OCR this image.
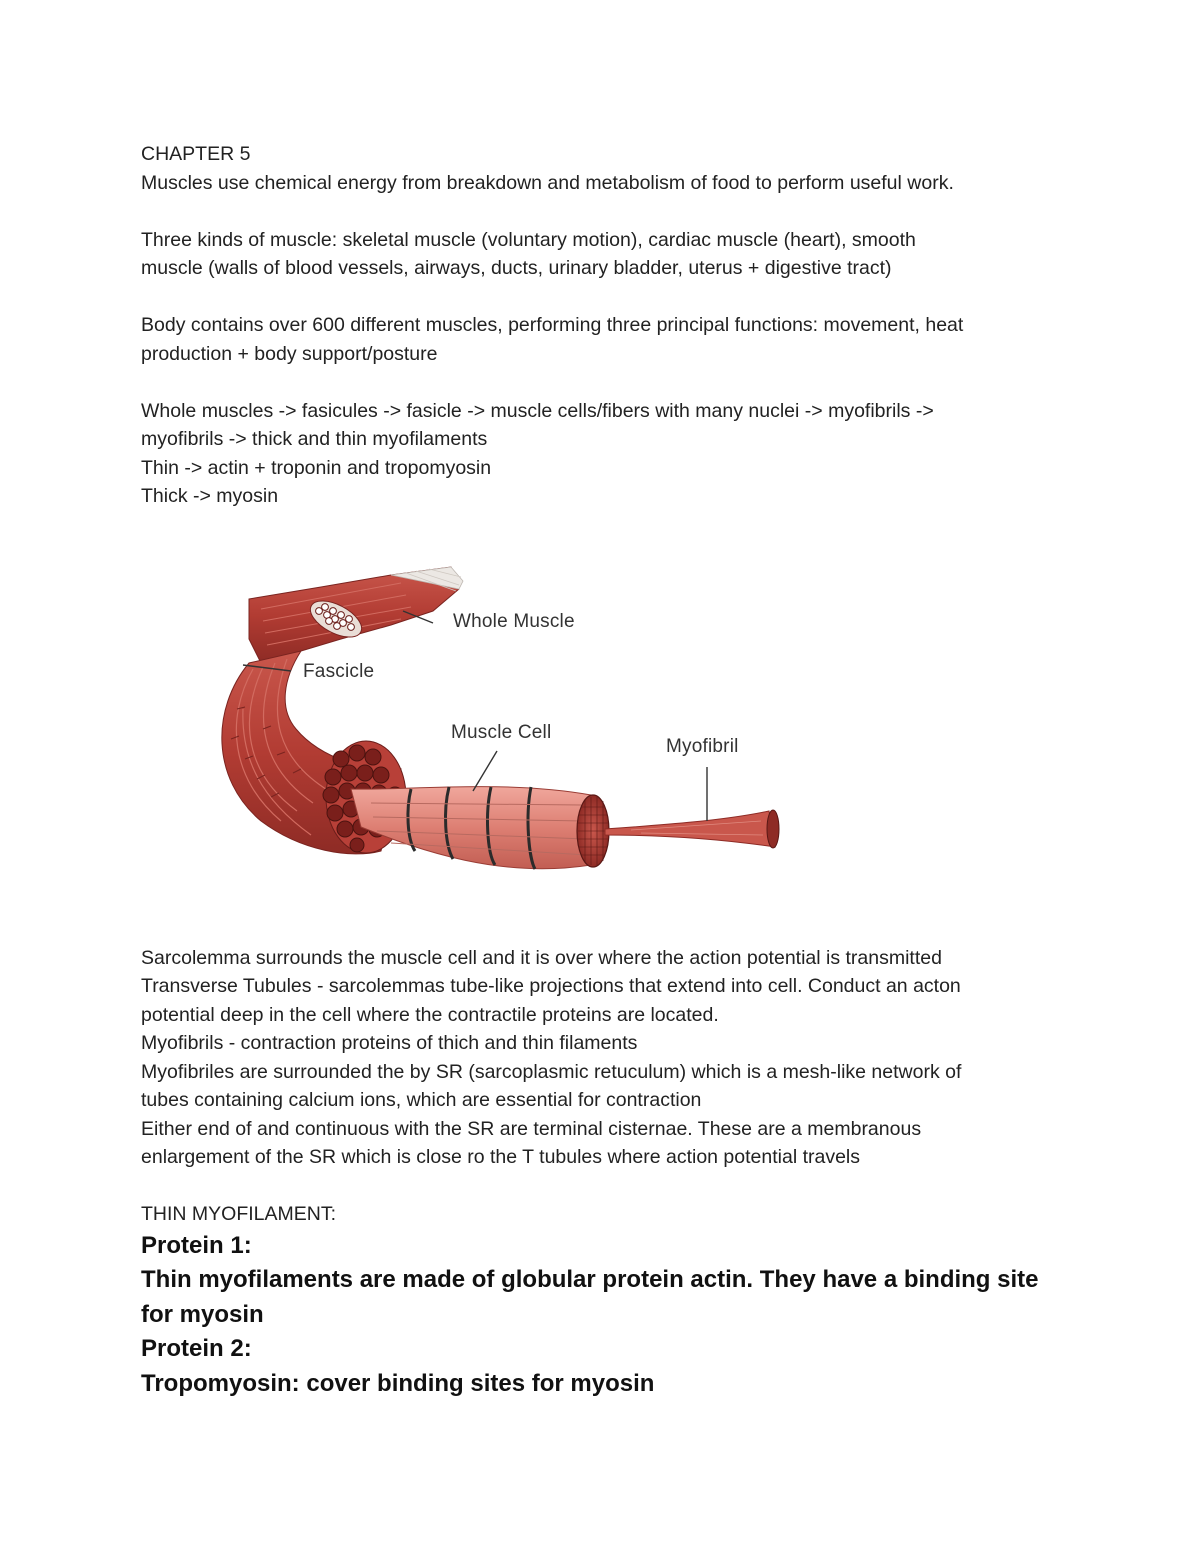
CHAPTER 5
Muscles use chemical energy from breakdown and metabolism of food to perform useful work.
Three kinds of muscle: skeletal muscle (voluntary motion), cardiac muscle (heart), smooth
muscle (walls of blood vessels, airways, ducts, urinary bladder, uterus + digestive tract)
Body contains over 600 different muscles, performing three principal functions: movement, heat
production + body support/posture
Whole muscles -> fasicules -> fasicle -> muscle cells/fibers with many nuclei -> myofibrils ->
myofibrils -> thick and thin myofilaments
Thin -> actin + troponin and tropomyosin
Thick -> myosin
Whole Muscle
Fascicle
Muscle Cell
Myofibril
Sarcolemma surrounds the muscle cell and it is over where the action potential is transmitted
Transverse Tubules - sarcolemmas tube-like projections that extend into cell. Conduct an acton
potential deep in the cell where the contractile proteins are located.
Myofibrils - contraction proteins of thich and thin filaments
Myofibriles are surrounded the by SR (sarcoplasmic retuculum) which is a mesh-like network of
tubes containing calcium ions, which are essential for contraction
Either end of and continuous with the SR are terminal cisternae. These are a membranous
enlargement of the SR which is close ro the T tubules where action potential travels
THIN MYOFILAMENT:
Protein 1:
Thin myofilaments are made of globular protein actin. They have a binding site
for myosin
Protein 2:
Tropomyosin: cover binding sites for myosin
